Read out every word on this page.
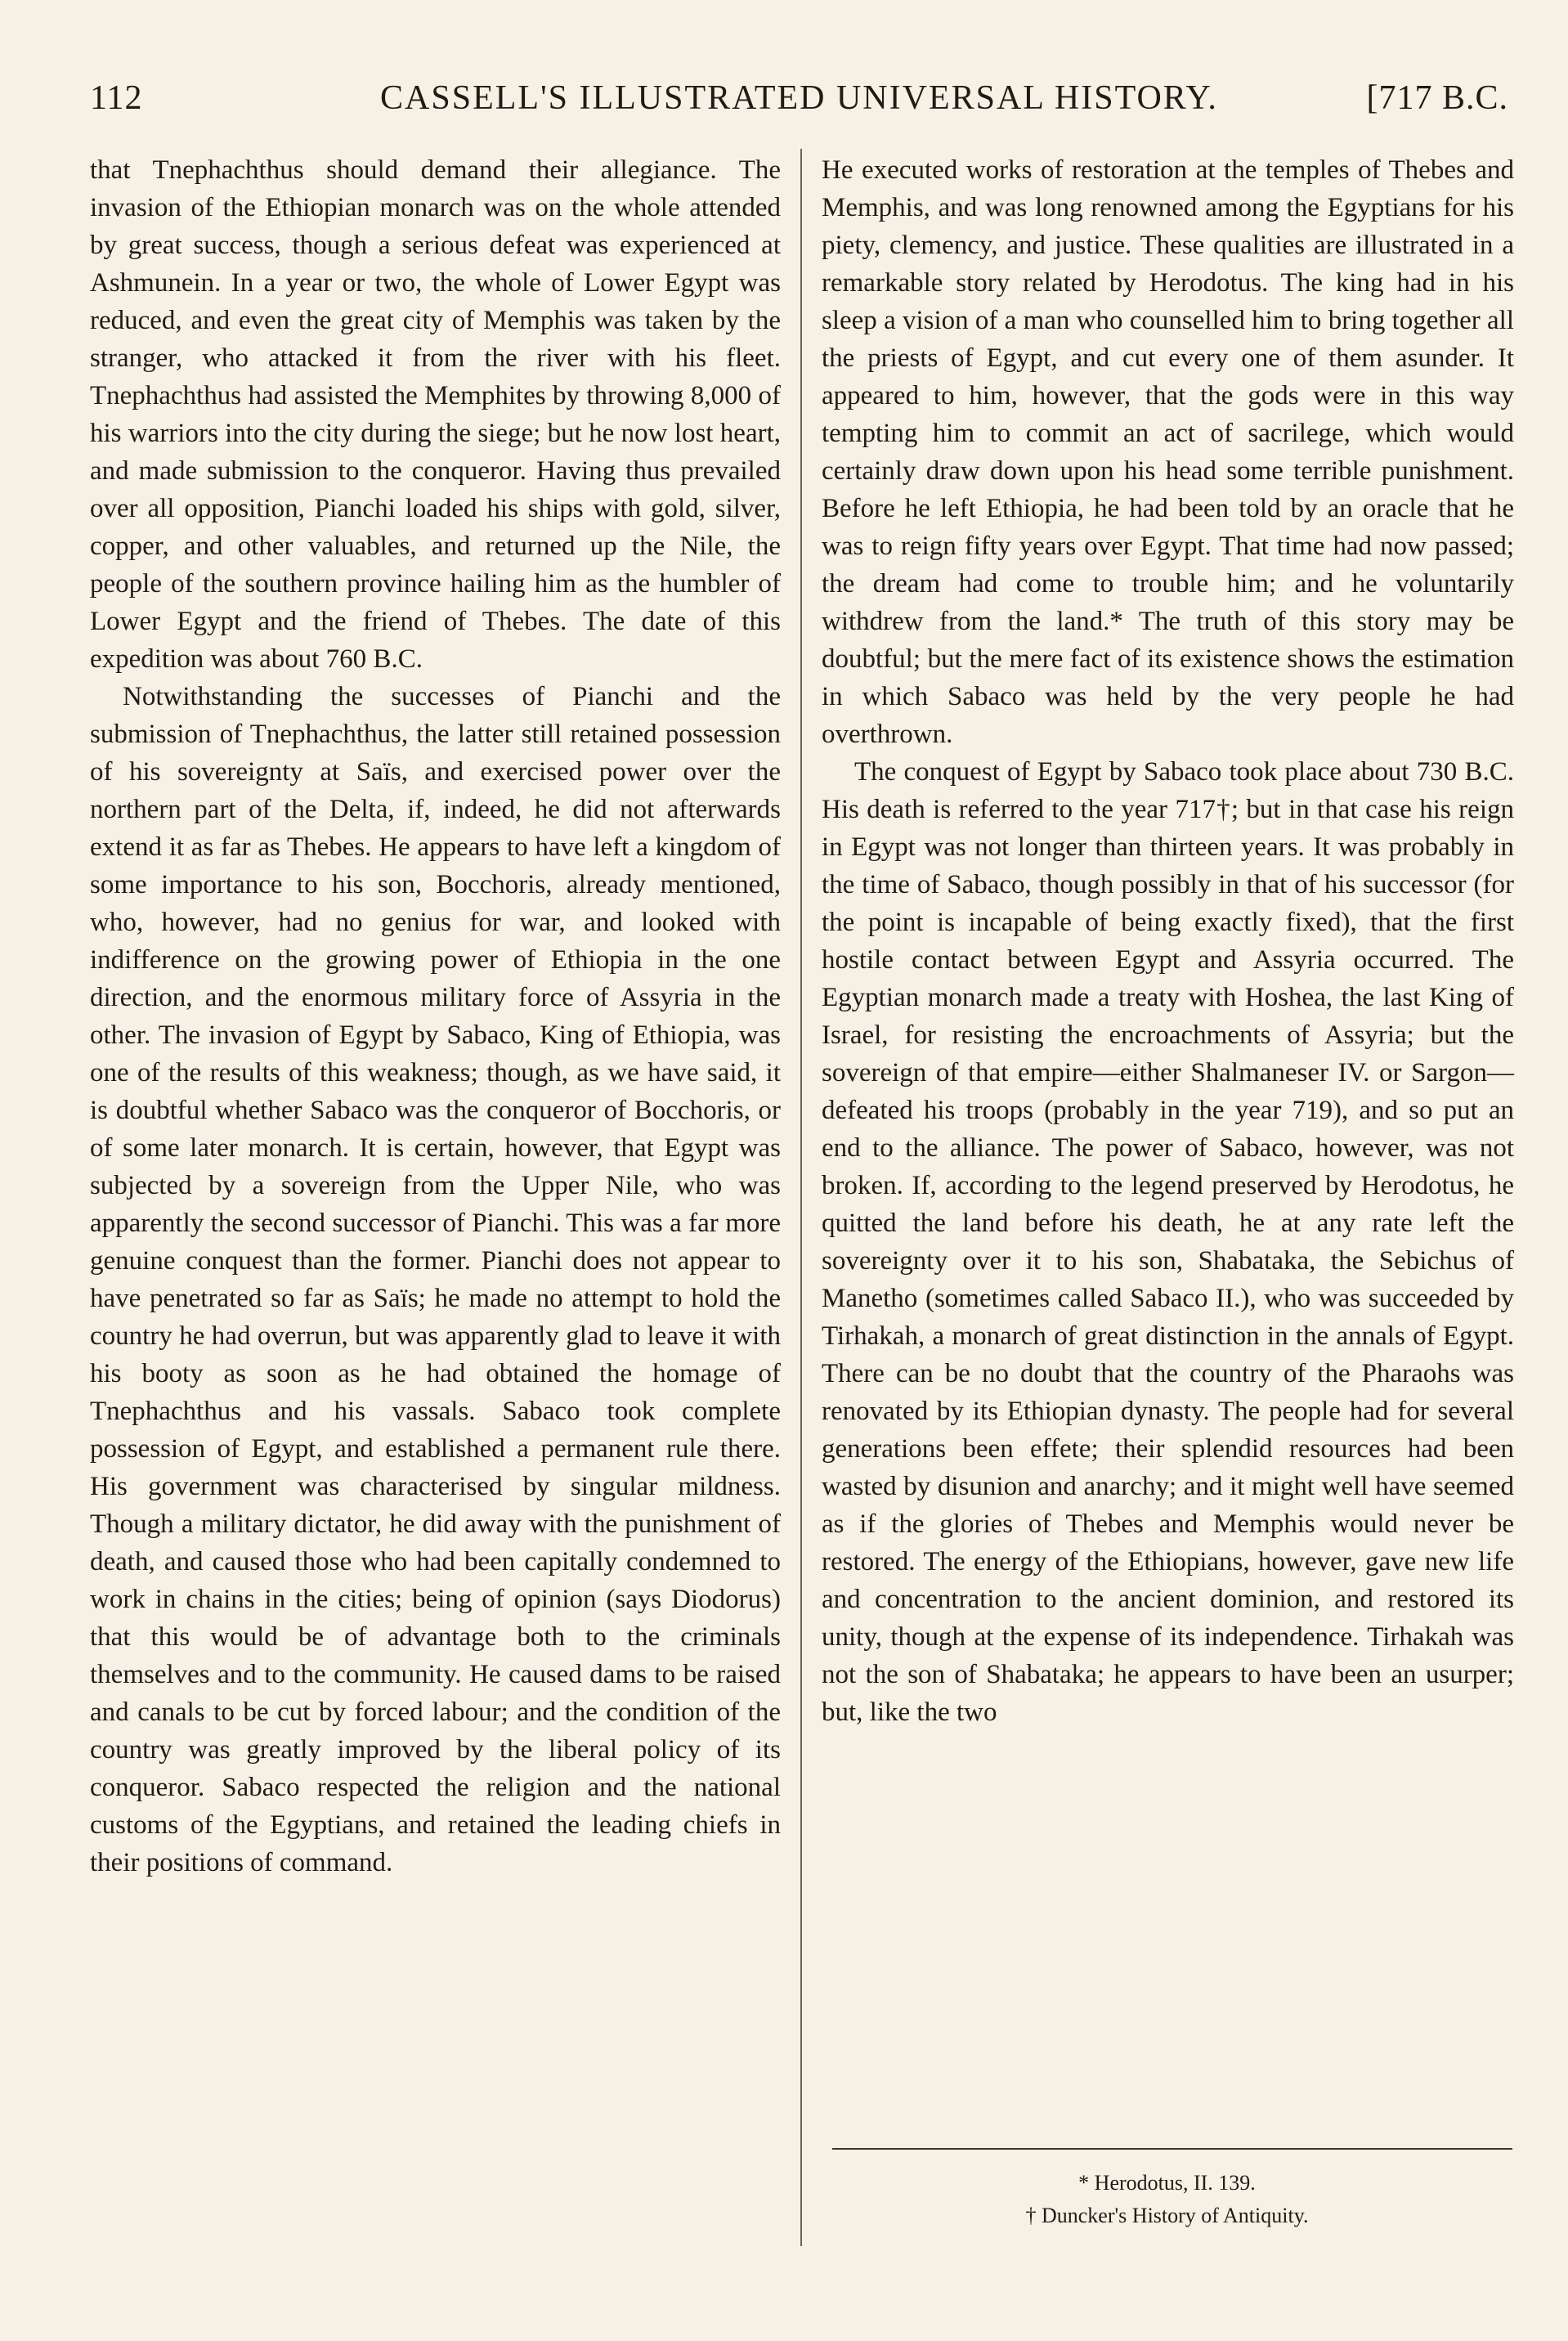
112	CASSELL'S ILLUSTRATED UNIVERSAL HISTORY.	[717 B.C.

that Tnephachthus should demand their allegiance. The invasion of the Ethiopian monarch was on the whole attended by great success, though a serious defeat was experienced at Ashmunein. In a year or two, the whole of Lower Egypt was reduced, and even the great city of Memphis was taken by the stranger, who attacked it from the river with his fleet. Tnephachthus had assisted the Memphites by throwing 8,000 of his warriors into the city during the siege; but he now lost heart, and made submission to the conqueror. Having thus prevailed over all opposition, Pianchi loaded his ships with gold, silver, copper, and other valuables, and returned up the Nile, the people of the southern province hailing him as the humbler of Lower Egypt and the friend of Thebes. The date of this expedition was about 760 B.C.

Notwithstanding the successes of Pianchi and the submission of Tnephachthus, the latter still retained possession of his sovereignty at Saïs, and exercised power over the northern part of the Delta, if, indeed, he did not afterwards extend it as far as Thebes. He appears to have left a kingdom of some importance to his son, Bocchoris, already mentioned, who, however, had no genius for war, and looked with indifference on the growing power of Ethiopia in the one direction, and the enormous military force of Assyria in the other. The invasion of Egypt by Sabaco, King of Ethiopia, was one of the results of this weakness; though, as we have said, it is doubtful whether Sabaco was the conqueror of Bocchoris, or of some later monarch. It is certain, however, that Egypt was subjected by a sovereign from the Upper Nile, who was apparently the second successor of Pianchi. This was a far more genuine conquest than the former. Pianchi does not appear to have penetrated so far as Saïs; he made no attempt to hold the country he had overrun, but was apparently glad to leave it with his booty as soon as he had obtained the homage of Tnephachthus and his vassals. Sabaco took complete possession of Egypt, and established a permanent rule there. His government was characterised by singular mildness. Though a military dictator, he did away with the punishment of death, and caused those who had been capitally condemned to work in chains in the cities; being of opinion (says Diodorus) that this would be of advantage both to the criminals themselves and to the community. He caused dams to be raised and canals to be cut by forced labour; and the condition of the country was greatly improved by the liberal policy of its conqueror. Sabaco respected the religion and the national customs of the Egyptians, and retained the leading chiefs in their positions of command.

He executed works of restoration at the temples of Thebes and Memphis, and was long renowned among the Egyptians for his piety, clemency, and justice. These qualities are illustrated in a remarkable story related by Herodotus. The king had in his sleep a vision of a man who counselled him to bring together all the priests of Egypt, and cut every one of them asunder. It appeared to him, however, that the gods were in this way tempting him to commit an act of sacrilege, which would certainly draw down upon his head some terrible punishment. Before he left Ethiopia, he had been told by an oracle that he was to reign fifty years over Egypt. That time had now passed; the dream had come to trouble him; and he voluntarily withdrew from the land.* The truth of this story may be doubtful; but the mere fact of its existence shows the estimation in which Sabaco was held by the very people he had overthrown.

The conquest of Egypt by Sabaco took place about 730 B.C. His death is referred to the year 717†; but in that case his reign in Egypt was not longer than thirteen years. It was probably in the time of Sabaco, though possibly in that of his successor (for the point is incapable of being exactly fixed), that the first hostile contact between Egypt and Assyria occurred. The Egyptian monarch made a treaty with Hoshea, the last King of Israel, for resisting the encroachments of Assyria; but the sovereign of that empire—either Shalmaneser IV. or Sargon—defeated his troops (probably in the year 719), and so put an end to the alliance. The power of Sabaco, however, was not broken. If, according to the legend preserved by Herodotus, he quitted the land before his death, he at any rate left the sovereignty over it to his son, Shabataka, the Sebichus of Manetho (sometimes called Sabaco II.), who was succeeded by Tirhakah, a monarch of great distinction in the annals of Egypt. There can be no doubt that the country of the Pharaohs was renovated by its Ethiopian dynasty. The people had for several generations been effete; their splendid resources had been wasted by disunion and anarchy; and it might well have seemed as if the glories of Thebes and Memphis would never be restored. The energy of the Ethiopians, however, gave new life and concentration to the ancient dominion, and restored its unity, though at the expense of its independence. Tirhakah was not the son of Shabataka; he appears to have been an usurper; but, like the two

* Herodotus, II. 139.
† Duncker's History of Antiquity.
